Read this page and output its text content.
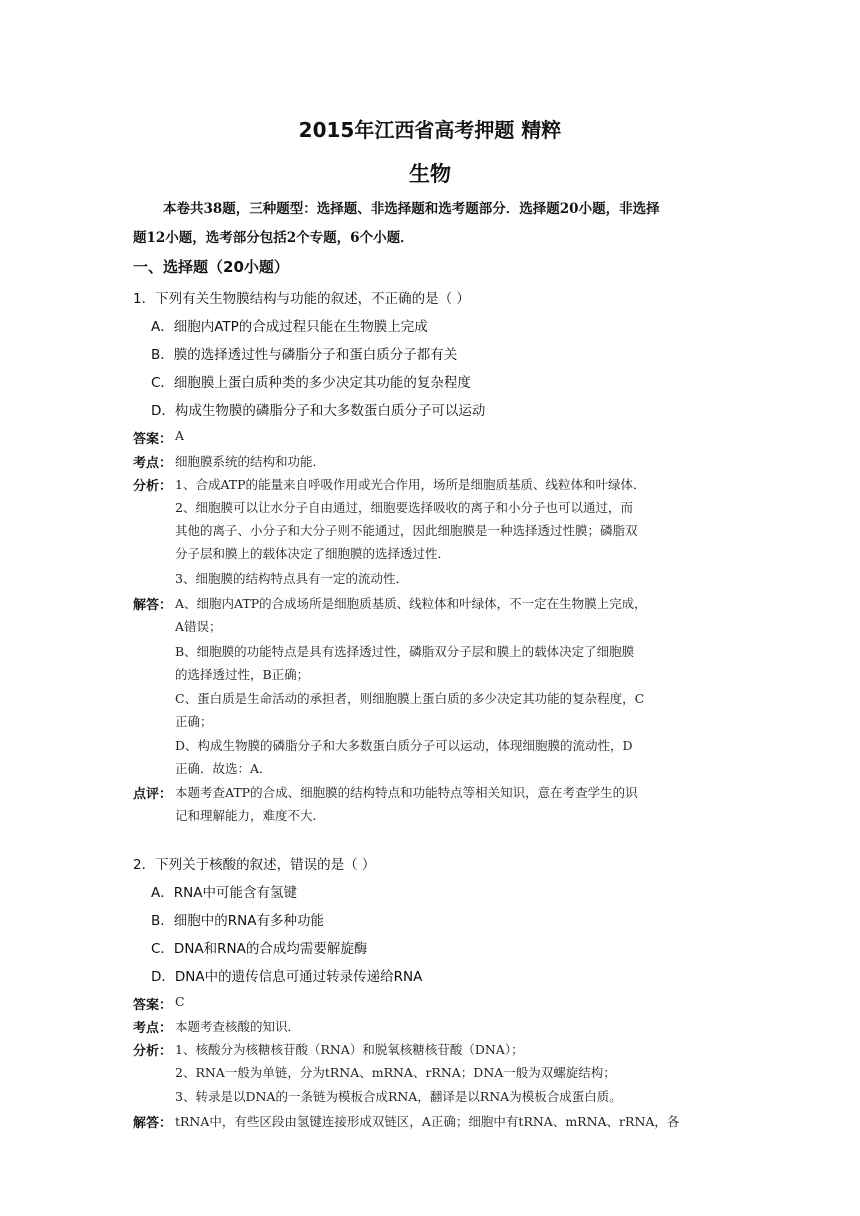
2015年江西省高考押题 精粹
生物
本卷共38题，三种题型：选择题、非选择题和选考题部分．选择题20小题，非选择
题12小题，选考部分包括2个专题，6个小题．
一、选择题（20小题）
1．下列有关生物膜结构与功能的叙述，不正确的是（ ）
A．细胞内ATP的合成过程只能在生物膜上完成
B．膜的选择透过性与磷脂分子和蛋白质分子都有关
C．细胞膜上蛋白质种类的多少决定其功能的复杂程度
D．构成生物膜的磷脂分子和大多数蛋白质分子可以运动
答案： A
考点： 细胞膜系统的结构和功能．
分析： 1、合成ATP的能量来自呼吸作用或光合作用，场所是细胞质基质、线粒体和叶绿体．
2、细胞膜可以让水分子自由通过，细胞要选择吸收的离子和小分子也可以通过，而
其他的离子、小分子和大分子则不能通过，因此细胞膜是一种选择透过性膜；磷脂双
分子层和膜上的载体决定了细胞膜的选择透过性．
3、细胞膜的结构特点具有一定的流动性．
解答： A、细胞内ATP的合成场所是细胞质基质、线粒体和叶绿体，不一定在生物膜上完成，
A错误；
B、细胞膜的功能特点是具有选择透过性，磷脂双分子层和膜上的载体决定了细胞膜
的选择透过性，B正确；
C、蛋白质是生命活动的承担者，则细胞膜上蛋白质的多少决定其功能的复杂程度，C
正确；
D、构成生物膜的磷脂分子和大多数蛋白质分子可以运动，体现细胞膜的流动性，D
正确．故选：A．
点评： 本题考查ATP的合成、细胞膜的结构特点和功能特点等相关知识，意在考查学生的识
记和理解能力，难度不大．
2．下列关于核酸的叙述，错误的是（ ）
A．RNA中可能含有氢键
B．细胞中的RNA有多种功能
C．DNA和RNA的合成均需要解旋酶
D．DNA中的遗传信息可通过转录传递给RNA
答案： C
考点： 本题考查核酸的知识．
分析： 1、核酸分为核糖核苷酸（RNA）和脱氧核糖核苷酸（DNA）；
2、RNA一般为单链，分为tRNA、mRNA、rRNA；DNA一般为双螺旋结构；
3、转录是以DNA的一条链为模板合成RNA，翻译是以RNA为模板合成蛋白质。
解答： tRNA中，有些区段由氢键连接形成双链区，A正确；细胞中有tRNA、mRNA、rRNA，各
